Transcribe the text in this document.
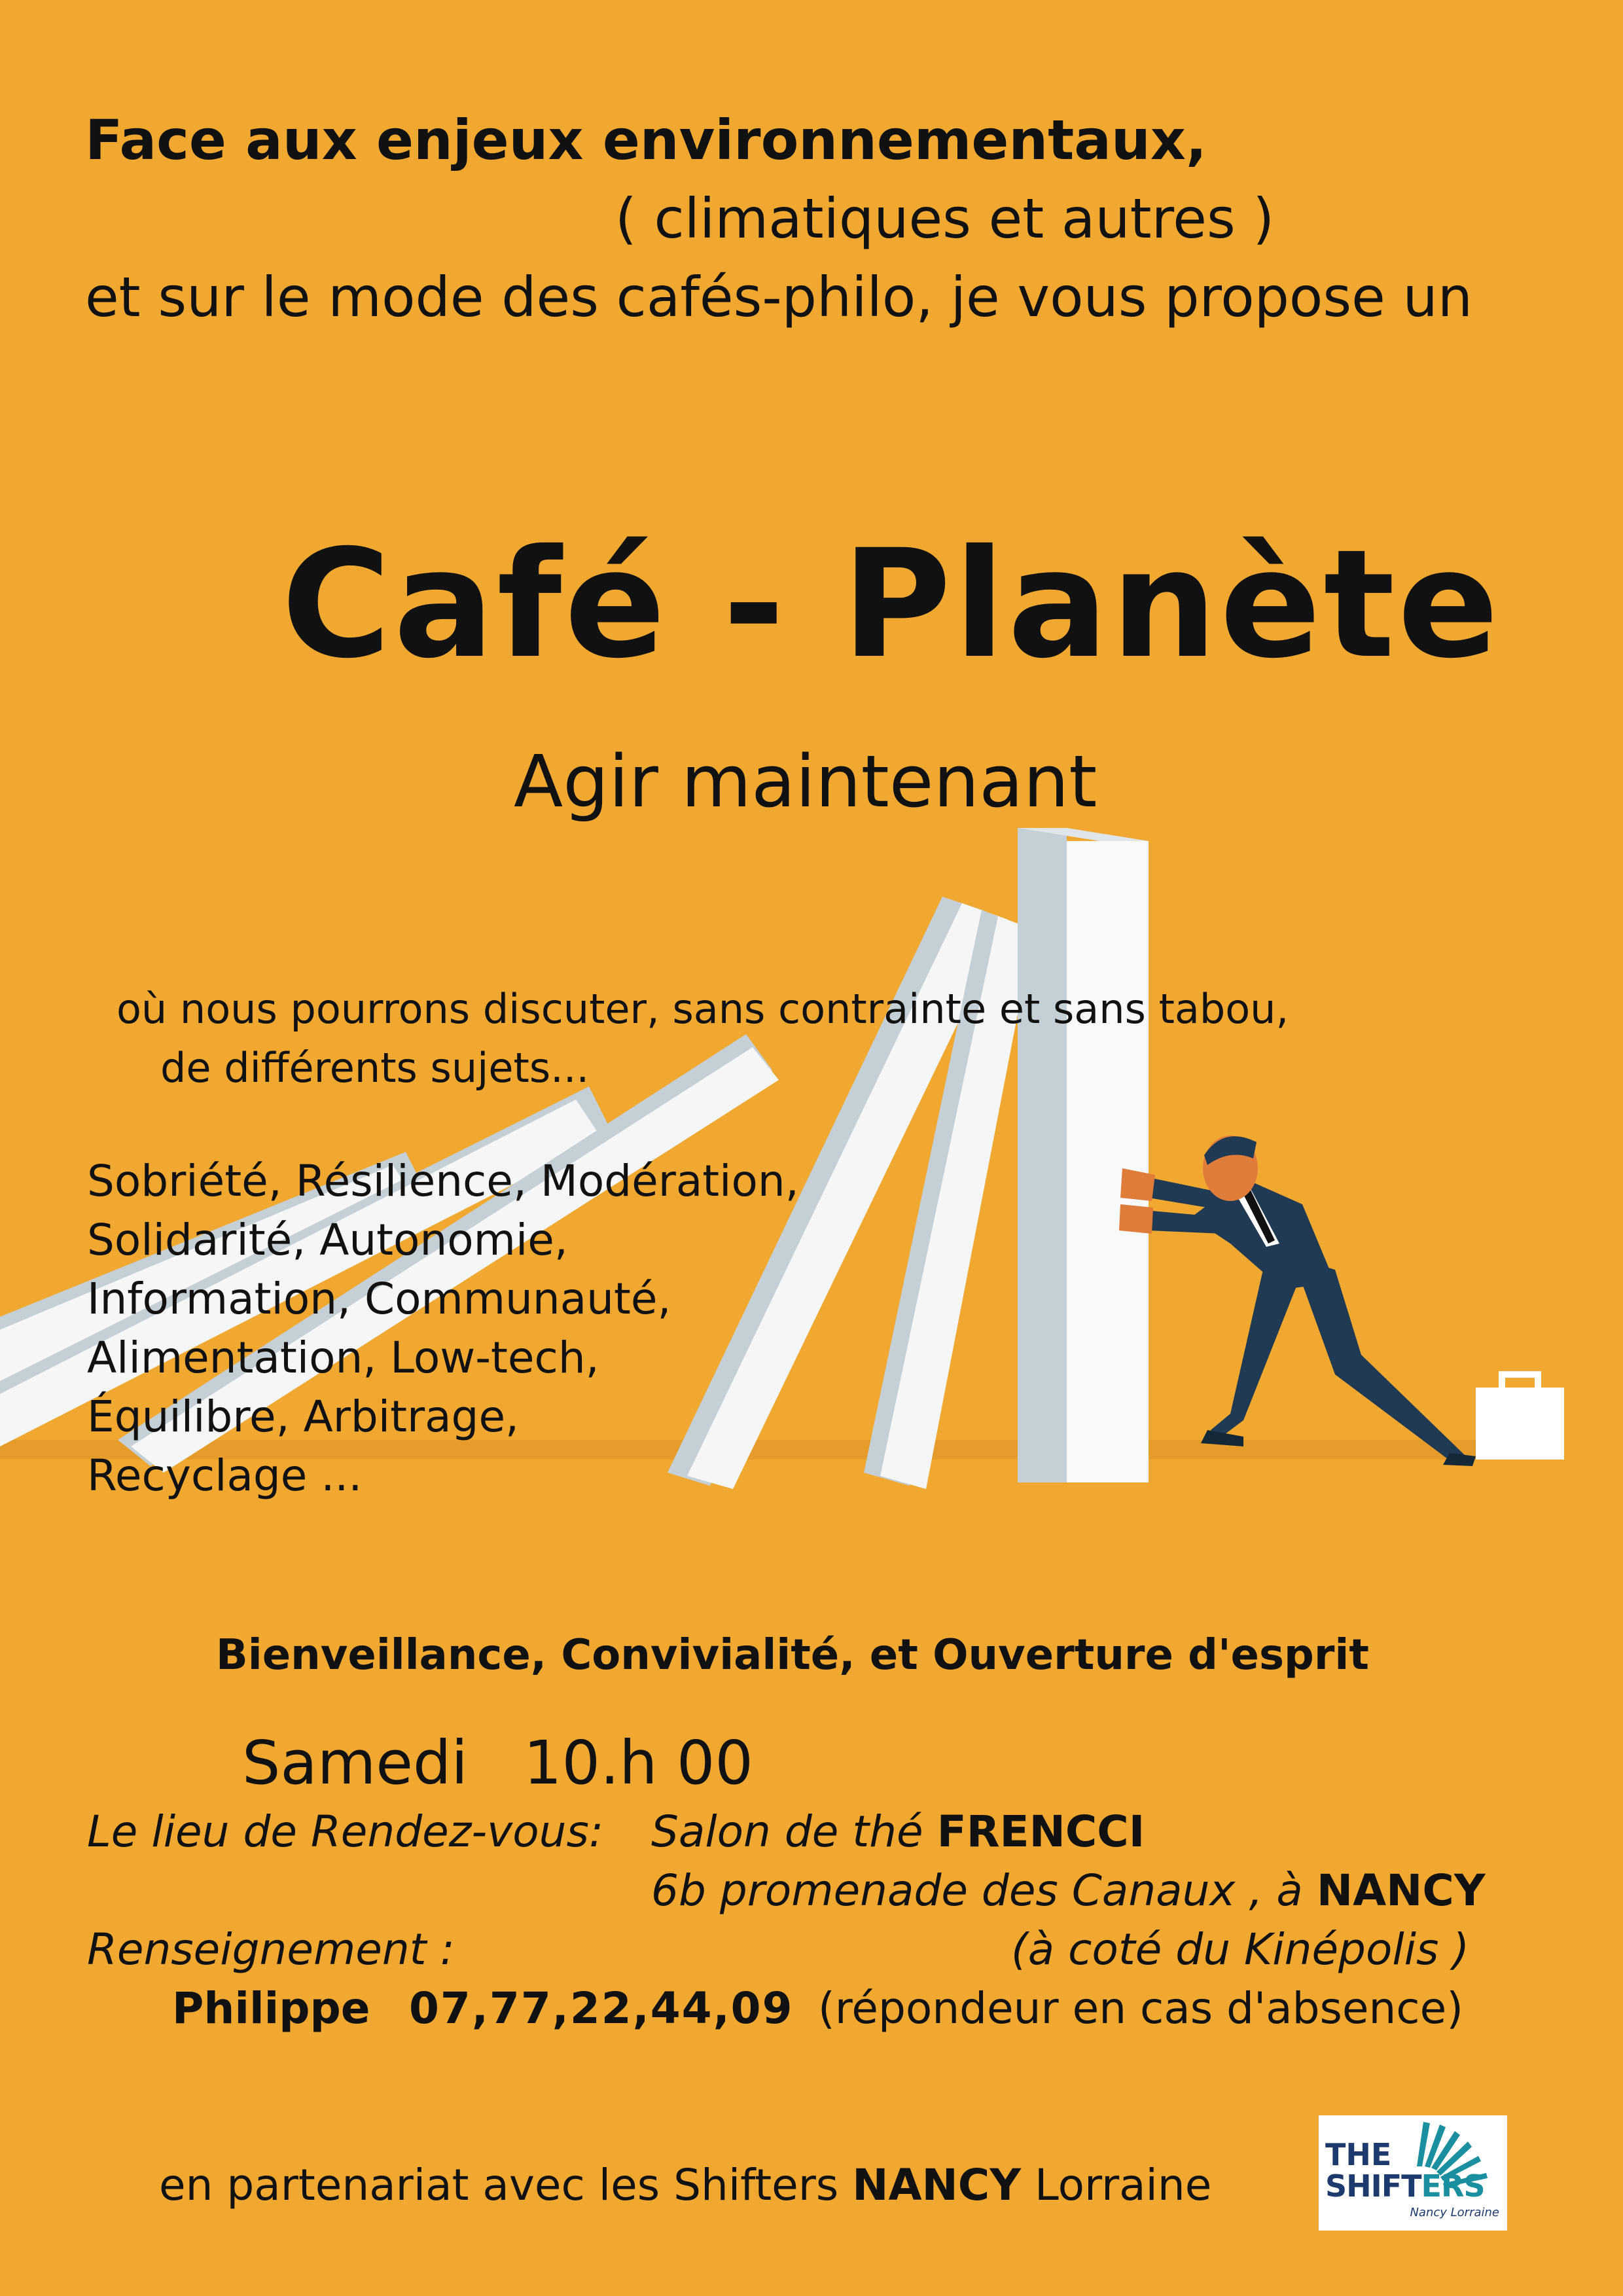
Face aux enjeux environnementaux,
( climatiques et autres )
et sur le mode des cafés-philo, je vous propose un
Café - Planète
Agir maintenant
où nous pourrons discuter, sans contrainte et sans tabou,
de différents sujets...
Sobriété, Résilience, Modération,
Solidarité, Autonomie,
Information, Communauté,
Alimentation, Low-tech,
Équilibre, Arbitrage,
Recyclage ...
Bienveillance, Convivialité, et Ouverture d'esprit
Samedi 10.h 00
Le lieu de Rendez-vous: Salon de thé FRENCCI
6b promenade des Canaux , à NANCY
Renseignement :	(à coté du Kinépolis )
Philippe 07,77,22,44,09 (répondeur en cas d'absence)
en partenariat avec les Shifters NANCY Lorraine
THE
SHIFTERS
Nancy Lorraine
